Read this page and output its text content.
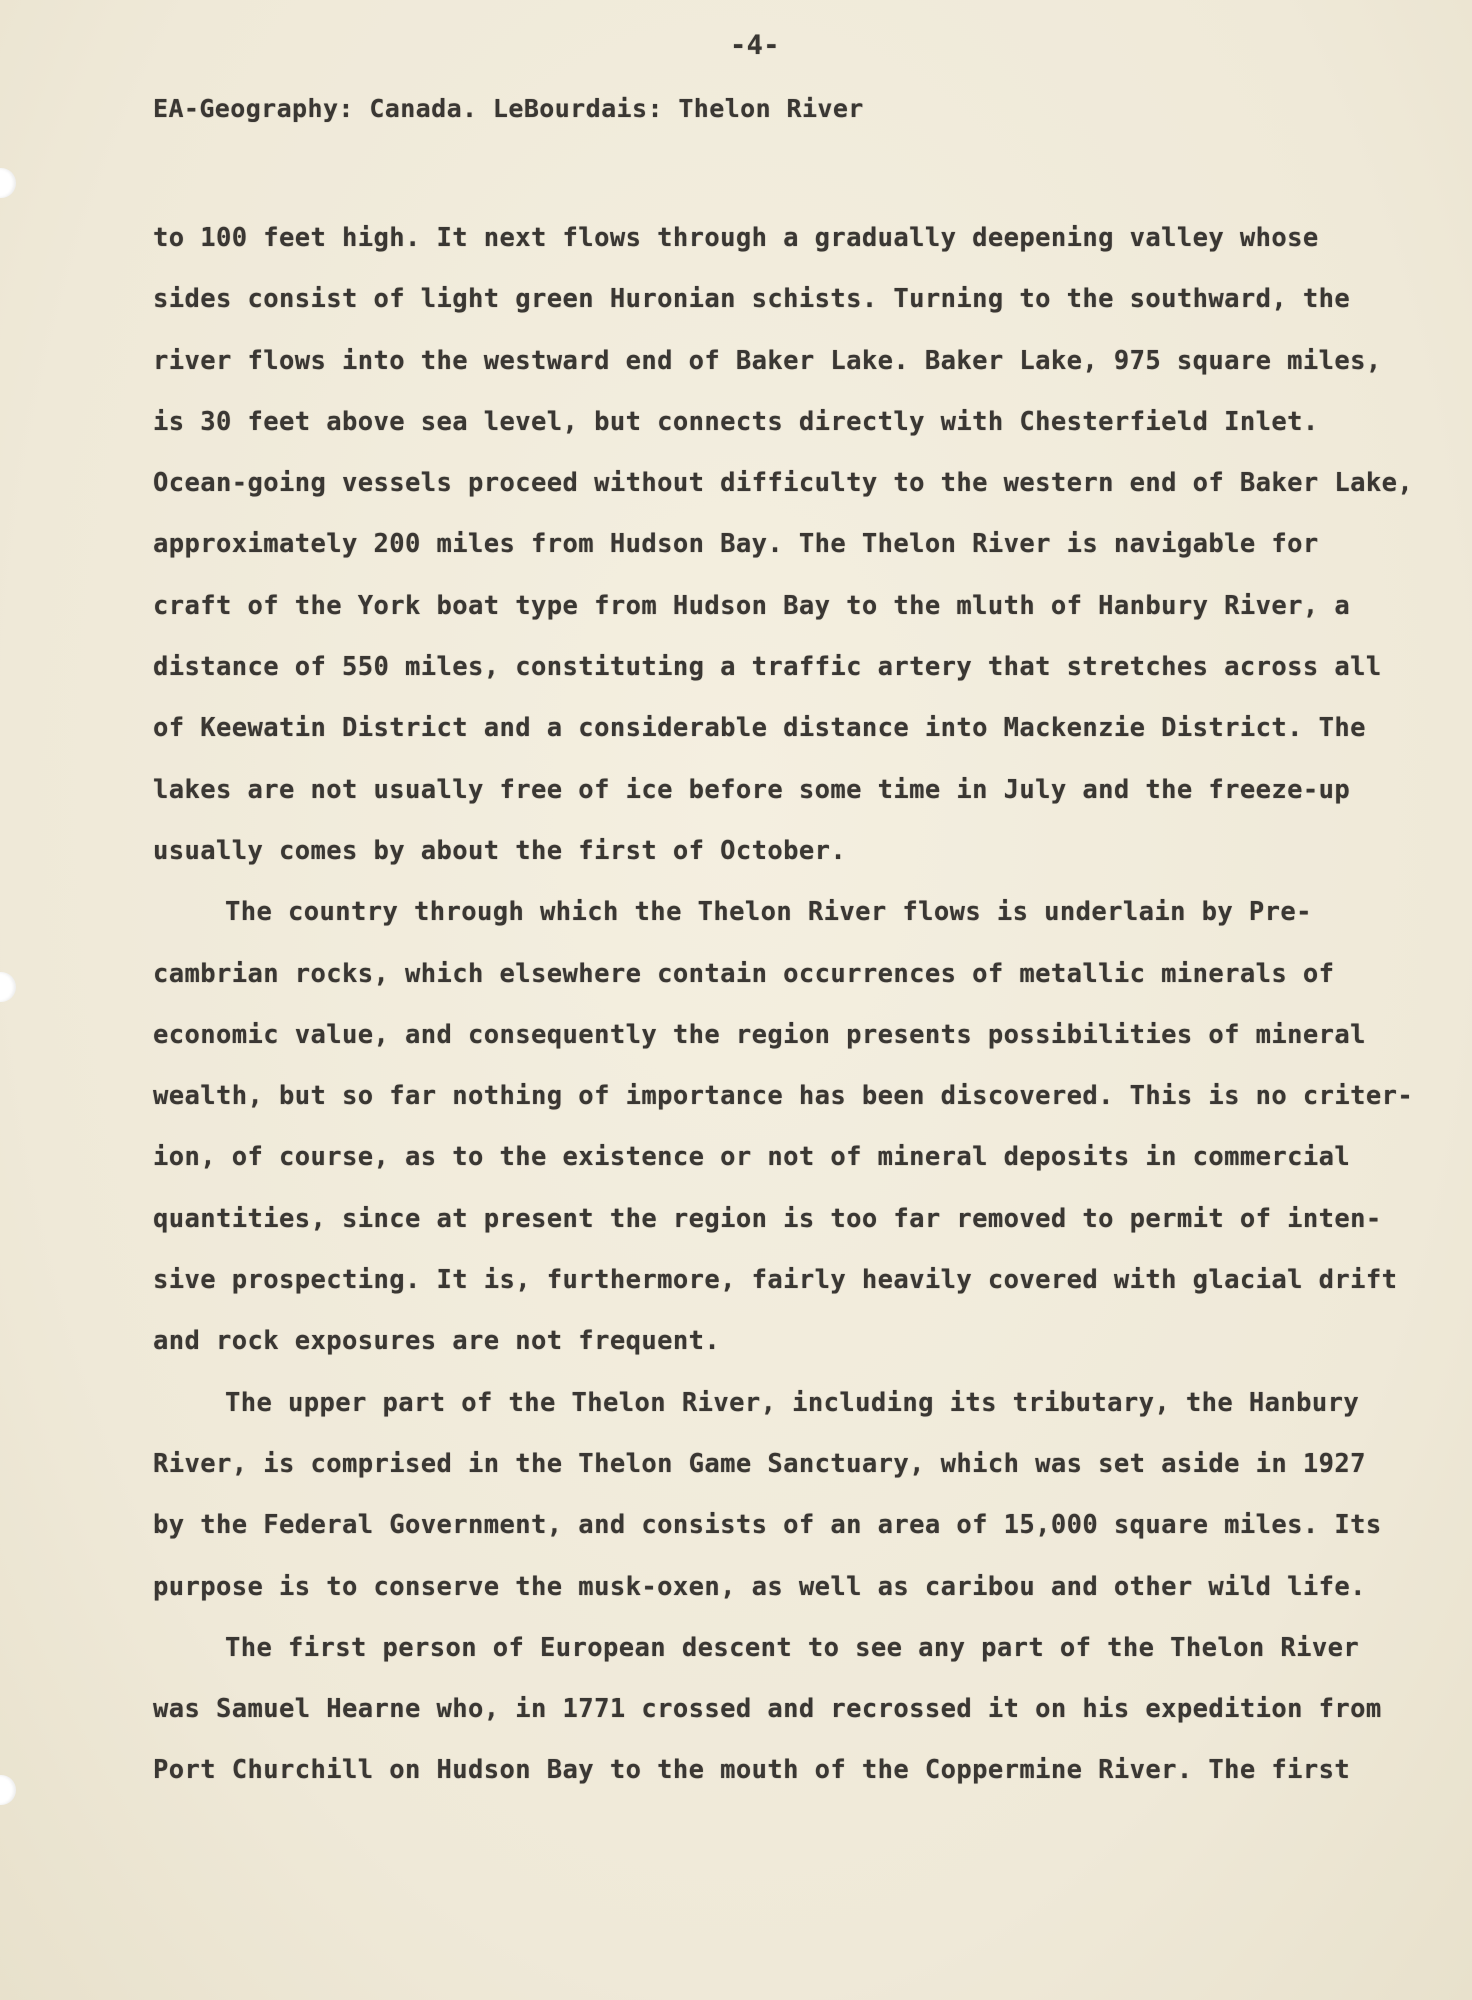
-4-
EA-Geography: Canada. LeBourdais: Thelon River
to 100 feet high. It next flows through a gradually deepening valley whose
sides consist of light green Huronian schists. Turning to the southward, the
river flows into the westward end of Baker Lake. Baker Lake, 975 square miles,
is 30 feet above sea level, but connects directly with Chesterfield Inlet.
Ocean-going vessels proceed without difficulty to the western end of Baker Lake,
approximately 200 miles from Hudson Bay. The Thelon River is navigable for
craft of the York boat type from Hudson Bay to the mluth of Hanbury River, a
distance of 550 miles, constituting a traffic artery that stretches across all
of Keewatin District and a considerable distance into Mackenzie District. The
lakes are not usually free of ice before some time in July and the freeze-up
usually comes by about the first of October.
The country through which the Thelon River flows is underlain by Pre-
cambrian rocks, which elsewhere contain occurrences of metallic minerals of
economic value, and consequently the region presents possibilities of mineral
wealth, but so far nothing of importance has been discovered. This is no criter-
ion, of course, as to the existence or not of mineral deposits in commercial
quantities, since at present the region is too far removed to permit of inten-
sive prospecting. It is, furthermore, fairly heavily covered with glacial drift
and rock exposures are not frequent.
The upper part of the Thelon River, including its tributary, the Hanbury
River, is comprised in the Thelon Game Sanctuary, which was set aside in 1927
by the Federal Government, and consists of an area of 15,000 square miles. Its
purpose is to conserve the musk-oxen, as well as caribou and other wild life.
The first person of European descent to see any part of the Thelon River
was Samuel Hearne who, in 1771 crossed and recrossed it on his expedition from
Port Churchill on Hudson Bay to the mouth of the Coppermine River. The first
